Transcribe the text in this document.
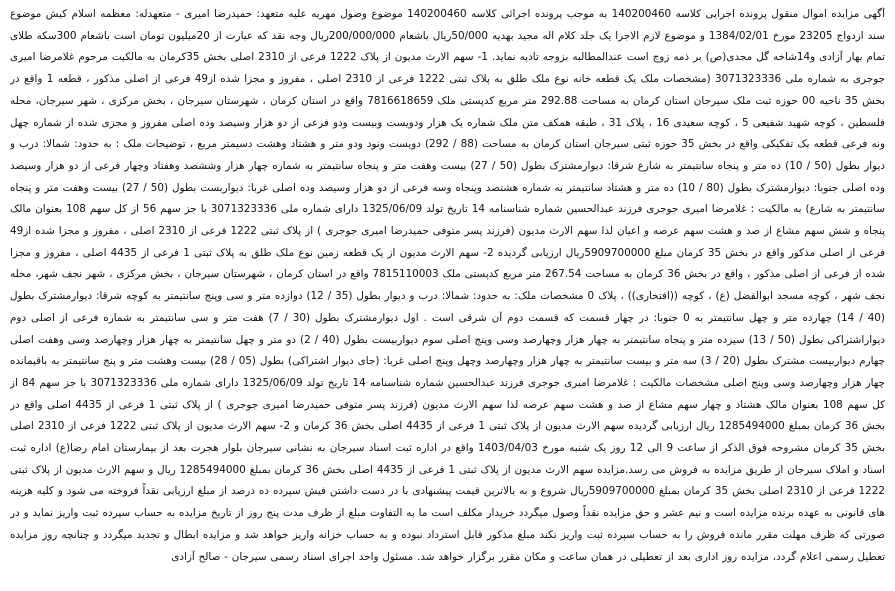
آگهی مزایده اموال منقول پرونده اجرایی کلاسه 140200460 به موجب پرونده اجرائی کلاسه 140200460 موضوع وصول مهریه علیه متعهد: حمیدرضا امیری - متعهدله: معظمه اسلام کیش موضوع سند ازدواج 23205 مورخ 1384/02/01 و موضوع لازم الاجرا یک جلد کلام اله مجید بهدیه 50/000ریال باشعام 200/000/000ریال وجه نقد که عبارت از 20میلیون تومان است باشعام 300سکه طلای تمام بهار آزادی و14شاخه گل مجدی(ص) بر ذمه زوج است عندالمطالبه بزوجه تادیه نماید. 1- سهم الارث مدیون از پلاک 1222 فرعی از 2310 اصلی بخش 35کرمان به مالکیت مرحوم غلامرضا امیری جوجری به شماره ملی 3071323336 (مشخصات ملک یک قطعه خانه نوع ملک طلق به پلاک ثبتی 1222 فرعی از 2310 اصلی ، مفروز و مجزا شده از49 فرعی از اصلی مذکور ، قطعه 1 واقع در بخش 35 ناحیه 00 حوزه ثبت ملک سیرجان استان کرمان به مساحت 292.88 متر مربع کدپستی ملک 7816618659 واقع در استان کرمان ، شهرستان سیرجان ، بخش مرکزی ، شهر سیرجان، محله فلسطین ، کوچه شهید شفیعی 5 ، کوچه سعیدی 16 ، پلاک 31 ، طبقه همکف متن ملک شماره یک هزار ودویست وبیست ودو فرعی از دو هزار وسیصد وده اصلی مفروز و مجزی شده از شماره چهل ونه فرعی قطعه یک تفکیکی واقع در بخش 35 حوزه ثبتی سیرجان استان کرمان به مساحت (88 / 292) دویست ونود ودو متر و هشتاد وهشت دسیمتر مربع ، توضیحات ملک : به حدود: شمالا: درب و دیوار بطول (50 / 10) ده متر و پنجاه سانتیمتر به شارع شرقا: دیوارمشترک بطول (50 / 27) بیست وهفت متر و پنجاه سانتیمتر به شماره چهار هزار وششصد وهفتاد وچهار فرعی از دو هزار وسیصد وده اصلی جنوبا: دیوارمشترک بطول (80 / 10) ده متر و هشتاد سانتیمتر به شماره هشتصد وپنجاه وسه فرعی از دو هزار وسیصد وده اصلی غربا: دیواربست بطول (50 / 27) بیست وهفت متر و پنجاه سانتیمتر به شارع) به مالکیت : غلامرضا امیری جوجری فرزند عبدالحسین شماره شناسنامه 14 تاریخ تولد 1325/06/09 دارای شماره ملی 3071323336 با جز سهم 56 از کل سهم 108 بعنوان مالک پنجاه و شش سهم مشاع از صد و هشت سهم عرصه و اعیان لذا سهم الارث مدیون (فرزند پسر متوفی حمیدرضا امیری جوجری ) از پلاک ثبتی 1222 فرعی از 2310 اصلی ، مفروز و مجزا شده از49 فرعی از اصلی مذکور واقع در بخش 35 کرمان مبلغ 5909700000ریال ارزیابی گردیده 2- سهم الارث مدیون از یک قطعه زمین نوع ملک طلق به پلاک ثبتی 1 فرعی از 4435 اصلی ، مفروز و مجزا شده از فرعی از اصلی مذکور ، واقع در بخش 36 کرمان به مساحت 267.54 متر مربع کدپستی ملک 7815110003 واقع در استان کرمان ، شهرستان سیرجان ، بخش مرکزی ، شهر نجف شهر، محله نجف شهر ، کوچه مسجد ابوالفضل (ع) ، کوچه ((افتخاری)) ، پلاک 0 مشخصات ملک: به حدود: شمالا: درب و دیوار بطول (35 / 12) دوازده متر و سی وپنج سانتیمتر به کوچه شرقا: دیوارمشترک بطول (40 / 14) چهارده متر و چهل سانتیمتر به 0 جنوبا: در چهار قسمت که قسمت دوم آن شرقی است . اول دیوارمشترک بطول (30 / 7) هفت متر و سی سانتیمتر به شماره فرعی از اصلی دوم دیواراشتراکی بطول (50 / 13) سیزده متر و پنجاه سانتیمتر به چهار هزار وچهارصد وسی وپنج اصلی سوم دیواربیست بطول (40 / 2) دو متر و چهل سانتیمتر به چهار هزار وچهارصد وسی وهفت اصلی چهارم دیواربیست مشترک بطول (20 / 3) سه متر و بیست سانتیمتر به چهار هزار وچهارصد وچهل وپنج اصلی غربا: (جای دیوار اشتراکی) بطول (05 / 28) بیست وهشت متر و پنج سانتیمتر به باقیمانده چهار هزار وچهارصد وسی وپنج اصلی مشخصات مالکیت : غلامرضا امیری جوجری فرزند عبدالحسین شماره شناسنامه 14 تاریخ تولد 1325/06/09 دارای شماره ملی 3071323336 با جز سهم 84 از کل سهم 108 بعنوان مالک هشتاد و چهار سهم مشاع از صد و هشت سهم عرصه لذا سهم الارث مدیون (فرزند پسر متوفی حمیدرضا امیری جوجری ) از پلاک ثبتی 1 فرعی از 4435 اصلی واقع در بخش 36 کرمان بمبلغ 1285494000 ریال ارزیابی گردیده سهم الارث مدیون از پلاک ثبتی 1 فرعی از 4435 اصلی بخش 36 کرمان و 2- سهم الارث مدیون از پلاک ثبتی 1222 فرعی از 2310 اصلی بخش 35 کرمان مشروحه فوق الذکر از ساعت 9 الی 12 روز یک شنبه مورخ 1403/04/03 واقع در اداره ثبت اسناد سیرجان به نشانی سیرجان بلوار هجرت بعد از بیمارستان امام رضا(ع) اداره ثبت اسناد و املاک سیرجان از طریق مزایده به فروش می رسد.مزایده سهم الارث مدیون از پلاک ثبتی 1 فرعی از 4435 اصلی بخش 36 کرمان بمبلغ 1285494000 ریال و سهم الارث مدیون از پلاک ثبتی 1222 فرعی از 2310 اصلی بخش 35 کرمان بمبلغ 5909700000ریال شروع و به بالاترین قیمت پیشنهادی با در دست داشتن فیش سپرده ده درصد از مبلغ ارزیابی نقداً فروخته می شود و کلیه هزینه های قانونی به عهده برنده مزایده است و نیم عشر و حق مزایده نقداً وصول میگردد خریدار مکلف است ما به التفاوت مبلغ از ظرف مدت پنج روز از تاریخ مزایده به حساب سپرده ثبت واریز نماید و در صورتی که ظرف مهلت مقرر مانده فروش را به حساب سپرده ثبت واریز نکند مبلغ مذکور قابل استرداد نبوده و به حساب خزانه واریز خواهد شد و مزایده ابطال و تجدید میگردد و چنانچه روز مزایده تعطیل رسمی اعلام گردد، مزایده روز اداری بعد از تعطیلی در همان ساعت و مکان مقرر برگزار خواهد شد. مسئول واحد اجرای اسناد رسمی سیرجان - صالح آزادی
